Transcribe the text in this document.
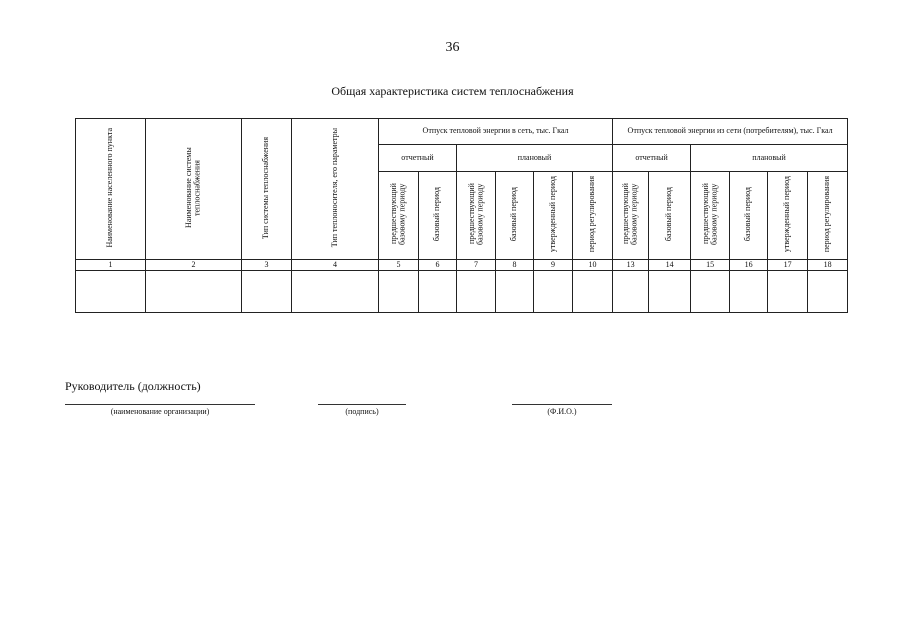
36
Общая характеристика систем теплоснабжения
Наименование населенного пункта	Наименование системы теплоснабжения	Тип системы теплоснабжения	Тип теплоносителя, его параметры	Отпуск тепловой энергии в сеть, тыс. Гкал						Отпуск тепловой энергии из сети (потребителям), тыс. Гкал					
				отчетный		плановый				отчетный		плановый			
				предшествующий базовому периоду	базовый период	предшествующий базовому периоду	базовый период	утвержденный период	период регулирования	предшествующий базовому периоду	базовый период	предшествующий базовому периоду	базовый период	утвержденный период	период регулирования
1	2	3	4	5	6	7	8	9	10	13	14	15	16	17	18

Руководитель (должность)
(наименование организации)	(подпись)	(Ф.И.О.)
